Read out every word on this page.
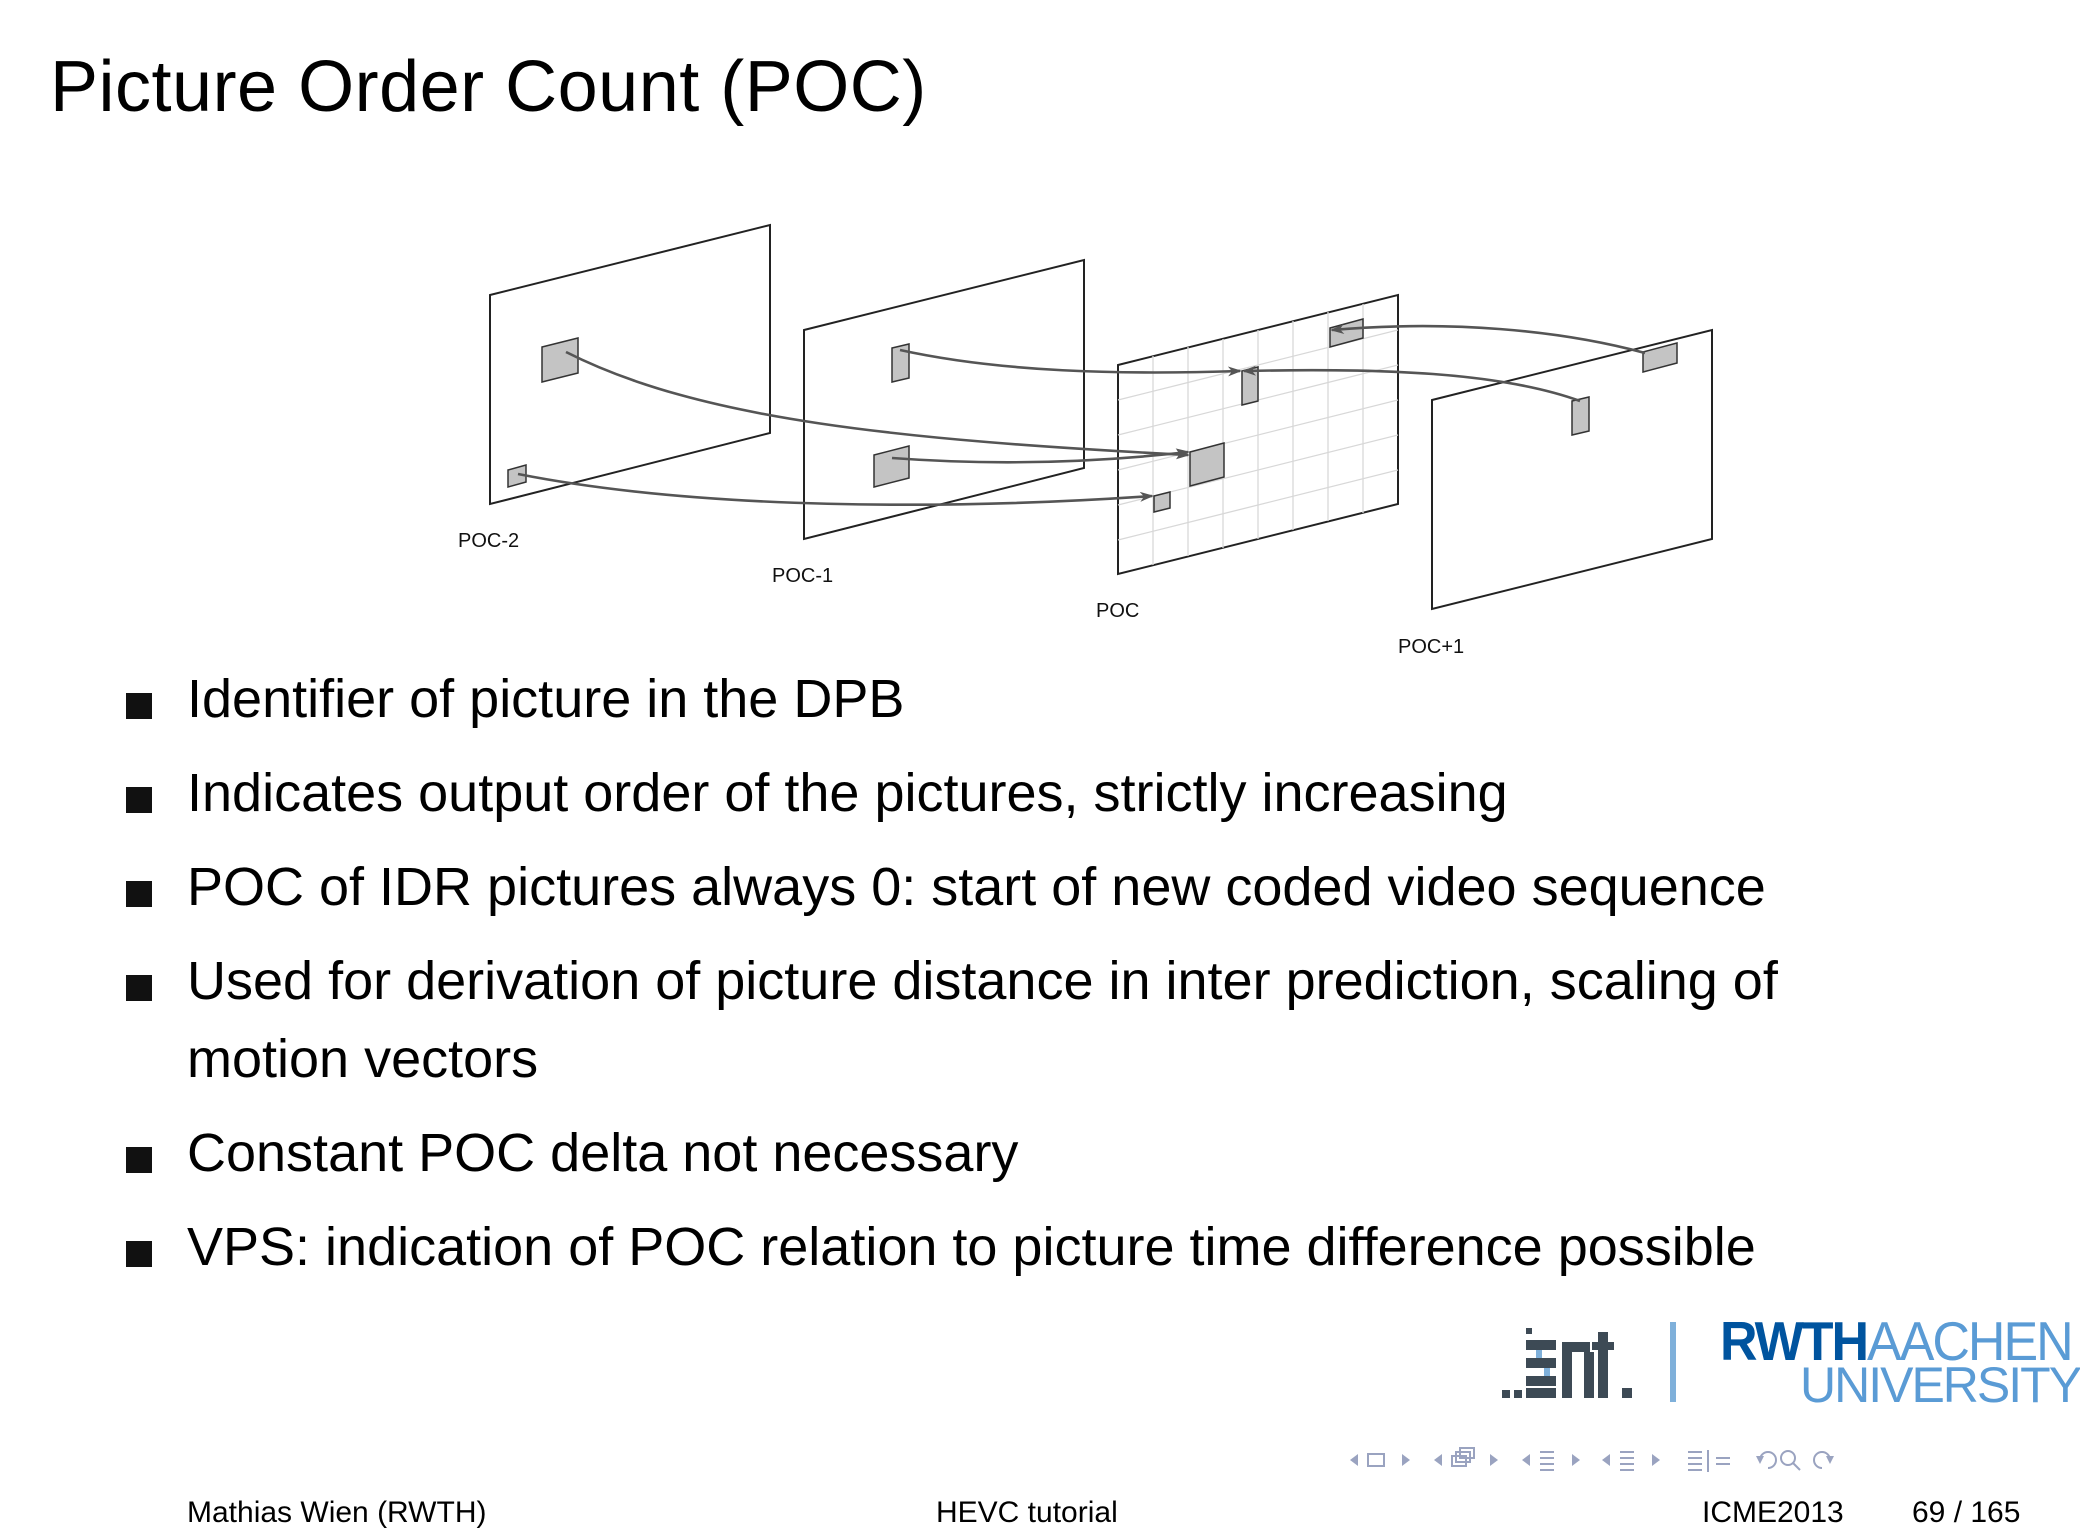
Picture Order Count (POC)
POC-2
POC-1
POC
POC+1
Identifier of picture in the DPB
Indicates output order of the pictures, strictly increasing
POC of IDR pictures always 0: start of new coded video sequence
Used for derivation of picture distance in inter prediction, scaling of motion vectors
Constant POC delta not necessary
VPS: indication of POC relation to picture time difference possible
RWTHAACHEN
UNIVERSITY
Mathias Wien (RWTH)	HEVC tutorial	ICME2013 69 / 165
